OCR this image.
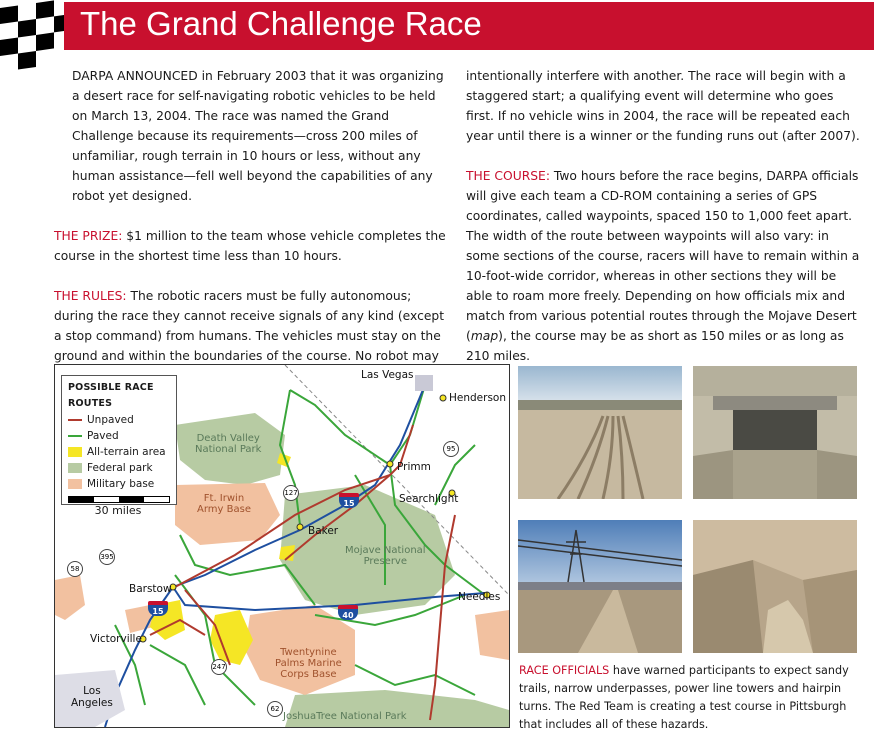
The Grand Challenge Race

DARPA ANNOUNCED in February 2003 that it was organizing a desert race for self-navigating robotic vehicles to be held on March 13, 2004. The race was named the Grand Challenge because its requirements—cross 200 miles of unfamiliar, rough terrain in 10 hours or less, without any human assistance—fell well beyond the capabilities of any robot yet designed.

THE PRIZE: $1 million to the team whose vehicle completes the course in the shortest time less than 10 hours.

THE RULES: The robotic racers must be fully autonomous; during the race they cannot receive signals of any kind (except a stop command) from humans. The vehicles must stay on the ground and within the boundaries of the course. No robot may

intentionally interfere with another. The race will begin with a staggered start; a qualifying event will determine who goes first. If no vehicle wins in 2004, the race will be repeated each year until there is a winner or the funding runs out (after 2007).

THE COURSE: Two hours before the race begins, DARPA officials will give each team a CD-ROM containing a series of GPS coordinates, called waypoints, spaced 150 to 1,000 feet apart. The width of the route between waypoints will also vary: in some sections of the course, racers will have to remain within a 10-foot-wide corridor, whereas in other sections they will be able to roam more freely. Depending on how officials mix and match from various potential routes through the Mojave Desert (map), the course may be as short as 150 miles or as long as 210 miles.

POSSIBLE RACE ROUTES
Unpaved
Paved
All-terrain area
Federal park
Military base
30 miles
Las Vegas
Henderson
Primm
Searchlight
Baker
Barstow
Needles
Victorville
Los
Angeles
Death Valley
National Park
Ft. Irwin
Army Base
Mojave National
Preserve
Twentynine
Palms Marine
Corps Base
JoshuaTree National Park
95
127
15
15	40
395
58
247
62
RACE OFFICIALS have warned participants to expect sandy trails, narrow underpasses, power line towers and hairpin turns. The Red Team is creating a test course in Pittsburgh that includes all of these hazards.
